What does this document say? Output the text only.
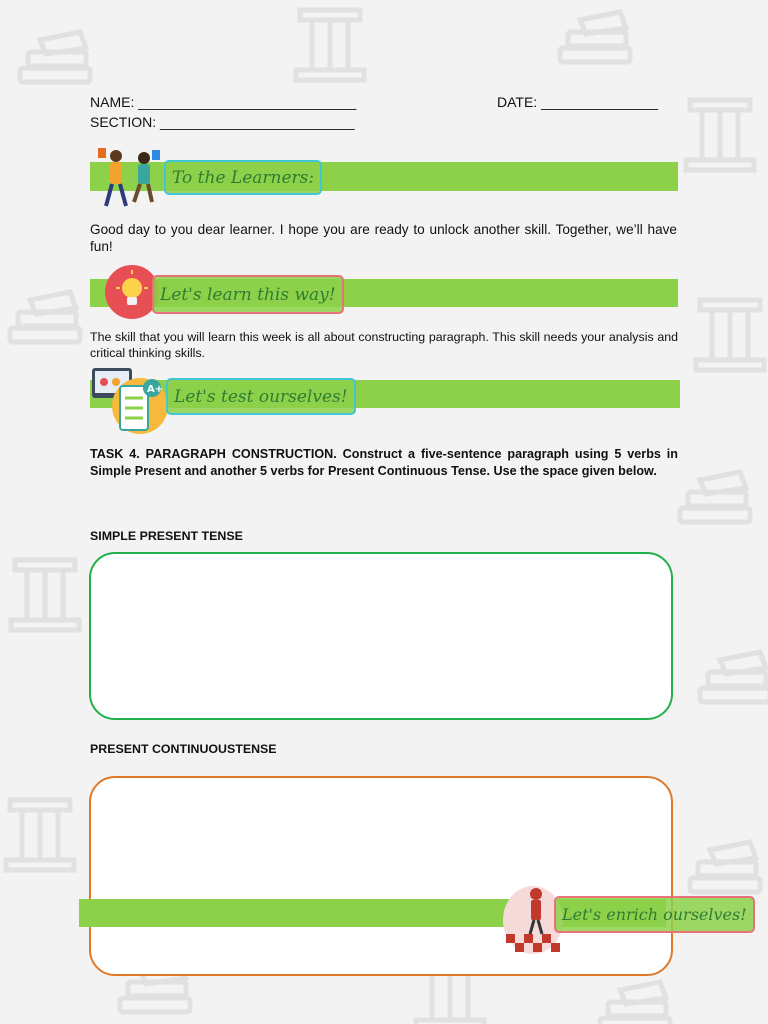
NAME: ____________________________	DATE: _______________
SECTION: _________________________
To the Learners:
Good day to you dear learner. I hope you are ready to unlock another skill. Together, we’ll have fun!
Let's learn this way!
The skill that you will learn this week is all about constructing paragraph. This skill needs your analysis and critical thinking skills.
A+ Let's test ourselves!
TASK 4. PARAGRAPH CONSTRUCTION. Construct a five-sentence paragraph using 5 verbs in Simple Present and another 5 verbs for Present Continuous Tense. Use the space given below.
SIMPLE PRESENT TENSE
PRESENT CONTINUOUSTENSE
Let's enrich ourselves!
